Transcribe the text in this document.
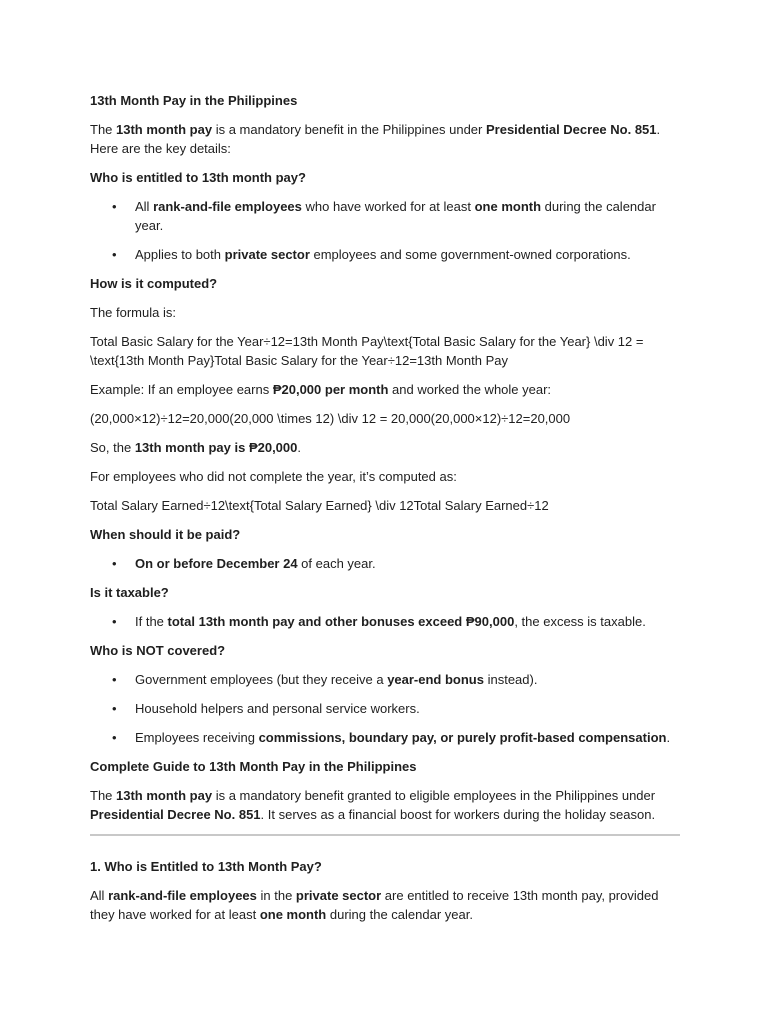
13th Month Pay in the Philippines

The 13th month pay is a mandatory benefit in the Philippines under Presidential Decree No. 851. Here are the key details:

Who is entitled to 13th month pay?

• All rank-and-file employees who have worked for at least one month during the calendar year.
• Applies to both private sector employees and some government-owned corporations.

How is it computed?

The formula is:

Total Basic Salary for the Year÷12=13th Month Pay\text{Total Basic Salary for the Year} \div 12 = \text{13th Month Pay}Total Basic Salary for the Year÷12=13th Month Pay

Example: If an employee earns ₱20,000 per month and worked the whole year:

(20,000×12)÷12=20,000(20,000 \times 12) \div 12 = 20,000(20,000×12)÷12=20,000

So, the 13th month pay is ₱20,000.

For employees who did not complete the year, it’s computed as:

Total Salary Earned÷12\text{Total Salary Earned} \div 12Total Salary Earned÷12

When should it be paid?

• On or before December 24 of each year.

Is it taxable?

• If the total 13th month pay and other bonuses exceed ₱90,000, the excess is taxable.

Who is NOT covered?

• Government employees (but they receive a year-end bonus instead).
• Household helpers and personal service workers.
• Employees receiving commissions, boundary pay, or purely profit-based compensation.

Complete Guide to 13th Month Pay in the Philippines

The 13th month pay is a mandatory benefit granted to eligible employees in the Philippines under Presidential Decree No. 851. It serves as a financial boost for workers during the holiday season.

1. Who is Entitled to 13th Month Pay?

All rank-and-file employees in the private sector are entitled to receive 13th month pay, provided they have worked for at least one month during the calendar year.
